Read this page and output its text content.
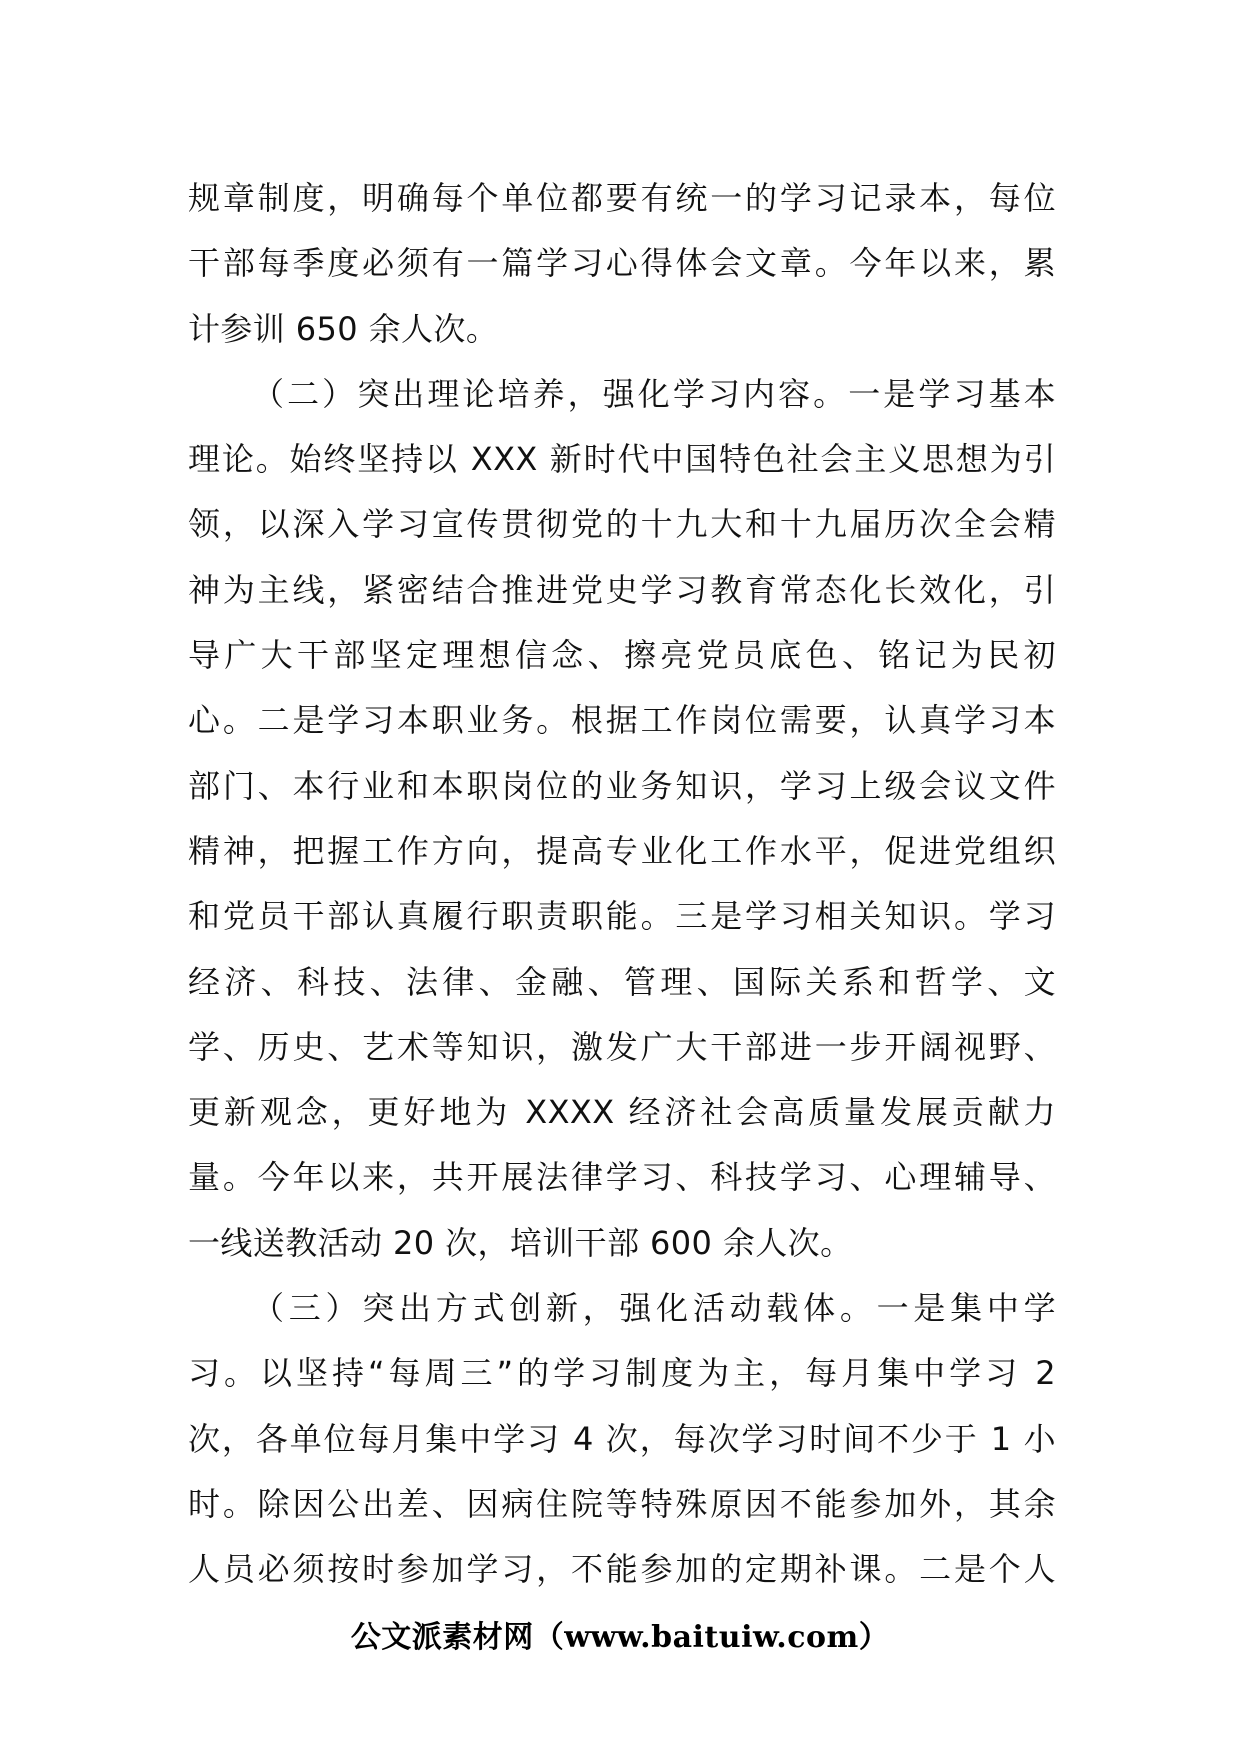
规章制度，明确每个单位都要有统一的学习记录本，每位
干部每季度必须有一篇学习心得体会文章。今年以来，累
计参训 650 余人次。
（二）突出理论培养，强化学习内容。一是学习基本
理论。始终坚持以 XXX 新时代中国特色社会主义思想为引
领，以深入学习宣传贯彻党的十九大和十九届历次全会精
神为主线，紧密结合推进党史学习教育常态化长效化，引
导广大干部坚定理想信念、擦亮党员底色、铭记为民初
心。二是学习本职业务。根据工作岗位需要，认真学习本
部门、本行业和本职岗位的业务知识，学习上级会议文件
精神，把握工作方向，提高专业化工作水平，促进党组织
和党员干部认真履行职责职能。三是学习相关知识。学习
经济、科技、法律、金融、管理、国际关系和哲学、文
学、历史、艺术等知识，激发广大干部进一步开阔视野、
更新观念，更好地为 XXXX 经济社会高质量发展贡献力
量。今年以来，共开展法律学习、科技学习、心理辅导、
一线送教活动 20 次，培训干部 600 余人次。
（三）突出方式创新，强化活动载体。一是集中学
习。以坚持“每周三”的学习制度为主，每月集中学习 2
次，各单位每月集中学习 4 次，每次学习时间不少于 1 小
时。除因公出差、因病住院等特殊原因不能参加外，其余
人员必须按时参加学习，不能参加的定期补课。二是个人
公文派素材网（www.baituiw.com）
